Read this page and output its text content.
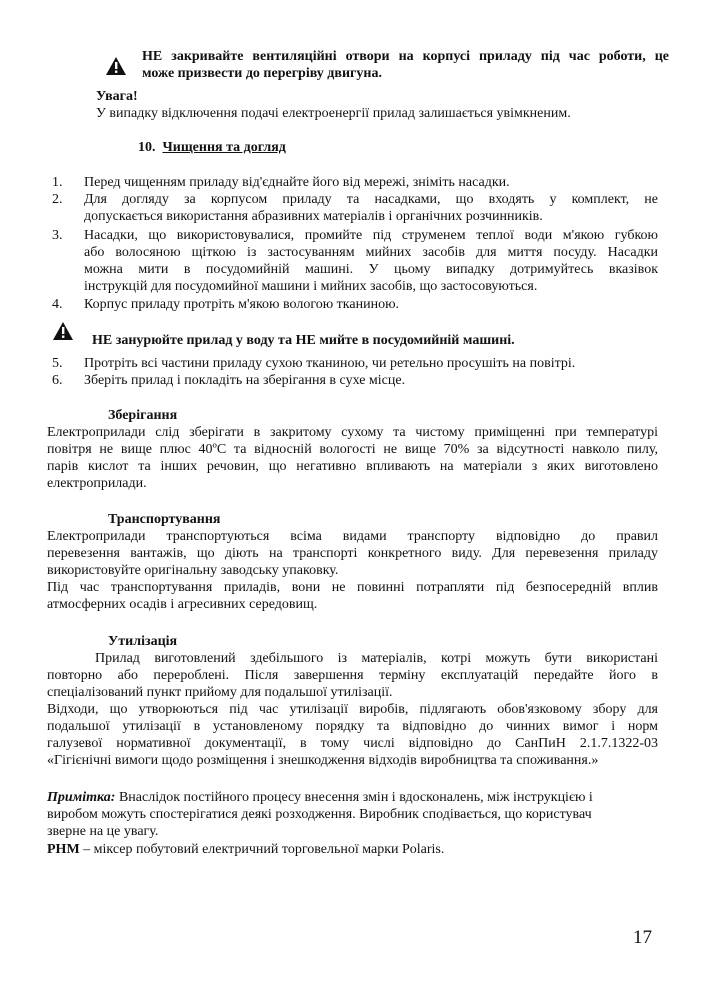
НЕ закривайте вентиляційні отвори на корпусі приладу під час роботи, це
може призвести до перегріву двигуна.
Увага!
У випадку відключення подачі електроенергії прилад залишається увімкненим.
10. Чищення та догляд
1.	Перед чищенням приладу від'єднайте його від мережі, зніміть насадки.
2.	Для догляду за корпусом приладу та насадками, що входять у комплект, не
допускається використання абразивних матеріалів і органічних розчинників.
3.	Насадки, що використовувалися, промийте під струменем теплої води м'якою губкою
або волосяною щіткою із застосуванням мийних засобів для миття посуду. Насадки
можна мити в посудомийній машині. У цьому випадку дотримуйтесь вказівок
інструкцій для посудомийної машини і мийних засобів, що застосовуються.
4.	Корпус приладу протріть м'якою вологою тканиною.
НЕ занурюйте прилад у воду та НЕ мийте в посудомийній машині.
5.	Протріть всі частини приладу сухою тканиною, чи ретельно просушіть на повітрі.
6.	Зберіть прилад і покладіть на зберігання в сухе місце.
Зберігання
Електроприлади слід зберігати в закритому сухому та чистому приміщенні при температурі
повітря не вище плюс 40ºС та відносній вологості не вище 70% за відсутності навколо пилу,
парів кислот та інших речовин, що негативно впливають на матеріали з яких виготовлено
електроприлади.
Транспортування
Електроприлади транспортуються всіма видами транспорту відповідно до правил
перевезення вантажів, що діють на транспорті конкретного виду. Для перевезення приладу
використовуйте оригінальну заводську упаковку.
Під час транспортування приладів, вони не повинні потрапляти під безпосередній вплив
атмосферних осадів і агресивних середовищ.
Утилізація
Прилад виготовлений здебільшого із матеріалів, котрі можуть бути використані
повторно або перероблені. Після завершення терміну експлуатацій передайте його в
спеціалізований пункт прийому для подальшої утилізації.
Відходи, що утворюються під час утилізації виробів, підлягають обов'язковому збору для
подальшої утилізації в установленому порядку та відповідно до чинних вимог і норм
галузевої нормативної документації, в тому числі відповідно до СанПиН 2.1.7.1322-03
«Гігієнічні вимоги щодо розміщення і знешкодження відходів виробництва та споживання.»
Примітка: Внаслідок постійного процесу внесення змін і вдосконалень, між інструкцією і
виробом можуть спостерігатися деякі розходження. Виробник сподівається, що користувач
зверне на це увагу.
PHM – міксер побутовий електричний торговельної марки Polaris.
17
